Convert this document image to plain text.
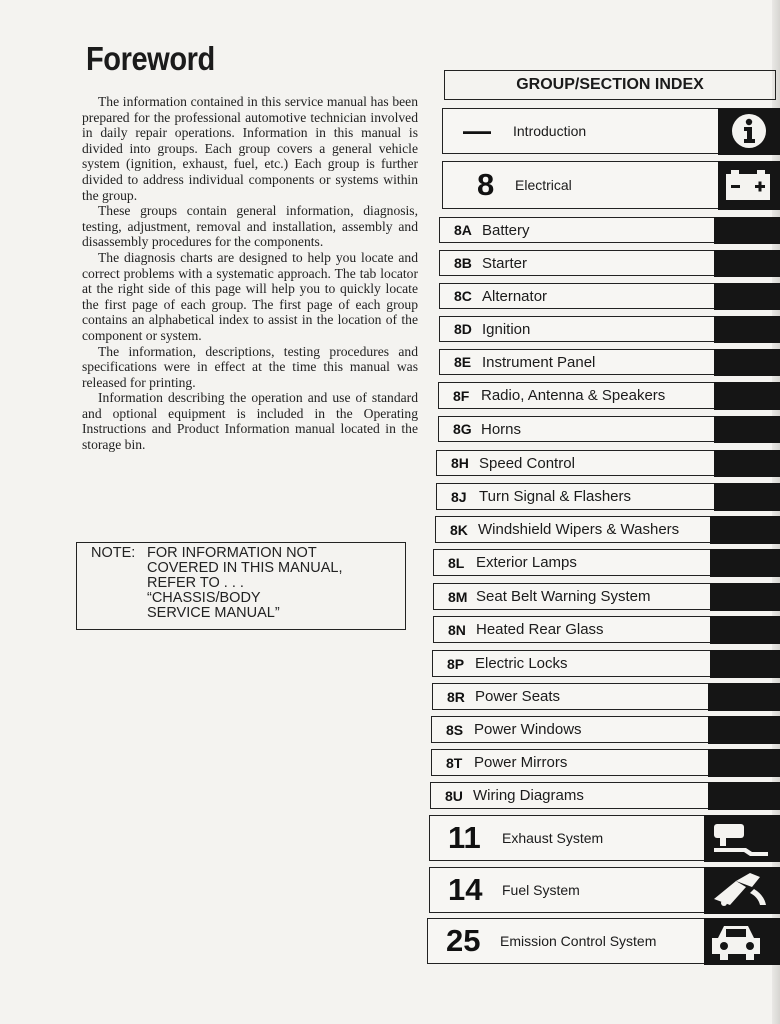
Foreword

The information contained in this service manual has been prepared for the professional automotive technician involved in daily repair operations. Information in this manual is divided into groups. Each group covers a general vehicle system (ignition, exhaust, fuel, etc.) Each group is further divided to address individual components or systems within the group.

These groups contain general information, diagnosis, testing, adjustment, removal and installation, assembly and disassembly procedures for the components.

The diagnosis charts are designed to help you locate and correct problems with a systematic approach. The tab locator at the right side of this page will help you to quickly locate the first page of each group. The first page of each group contains an alphabetical index to assist in the location of the component or system.

The information, descriptions, testing procedures and specifications were in effect at the time this manual was released for printing.

Information describing the operation and use of standard and optional equipment is included in the Operating Instructions and Product Information manual located in the storage bin.

NOTE: FOR INFORMATION NOT
COVERED IN THIS MANUAL,
REFER TO . . .
“CHASSIS/BODY
SERVICE MANUAL”
GROUP/SECTION INDEX
— Introduction
8 Electrical
8A Battery
8B Starter
8C Alternator
8D Ignition
8E Instrument Panel
8F Radio, Antenna & Speakers
8G Horns
8H Speed Control
8J Turn Signal & Flashers
8K Windshield Wipers & Washers
8L Exterior Lamps
8M Seat Belt Warning System
8N Heated Rear Glass
8P Electric Locks
8R Power Seats
8S Power Windows
8T Power Mirrors
8U Wiring Diagrams
11 Exhaust System
14 Fuel System
25 Emission Control System
